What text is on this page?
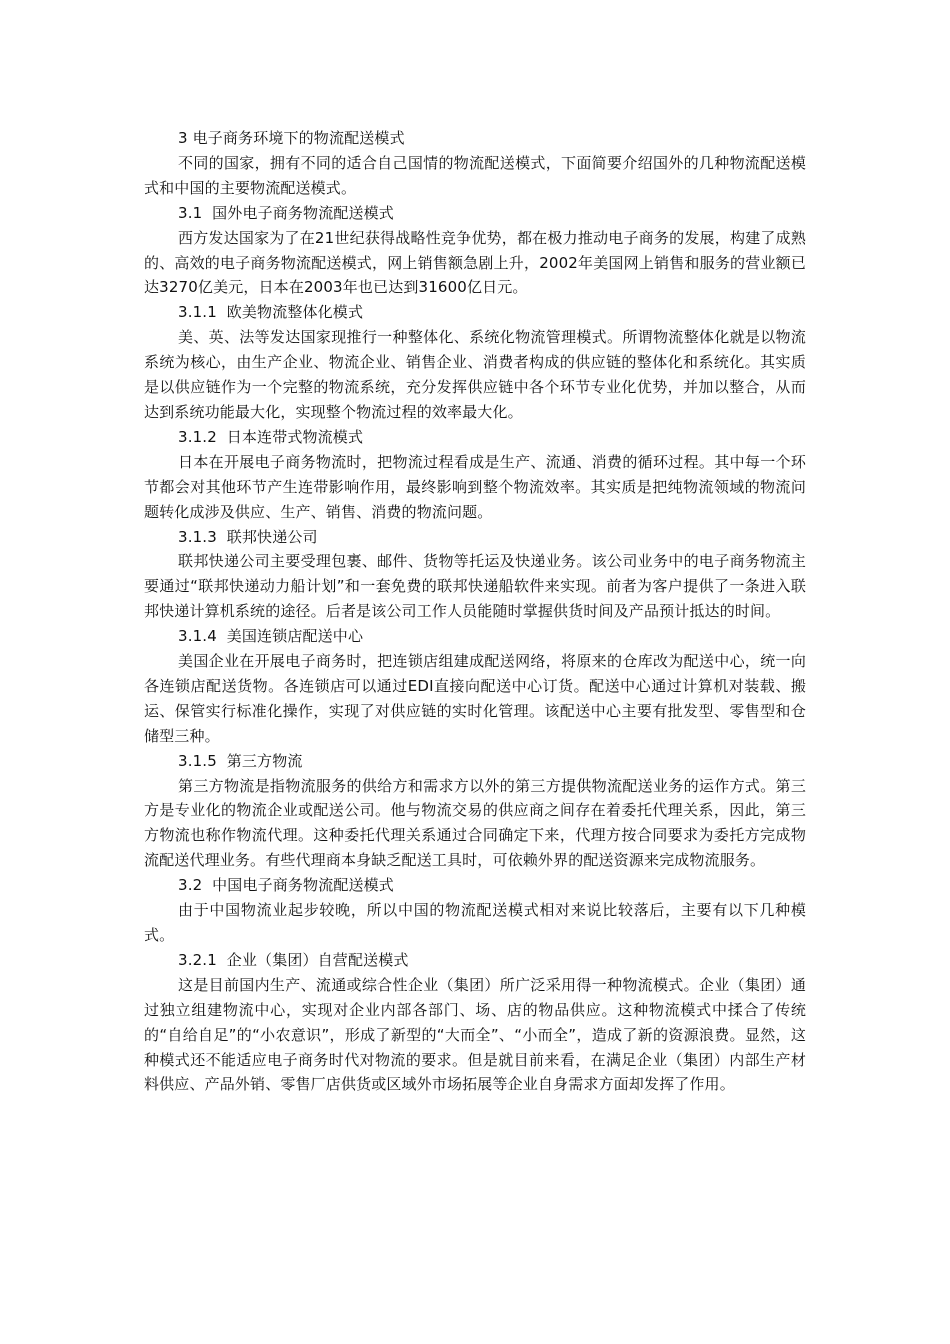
3 电子商务环境下的物流配送模式

不同的国家，拥有不同的适合自己国情的物流配送模式，下面简要介绍国外的几种物流配送模式和中国的主要物流配送模式。

3.1  国外电子商务物流配送模式

西方发达国家为了在21世纪获得战略性竞争优势，都在极力推动电子商务的发展，构建了成熟的、高效的电子商务物流配送模式，网上销售额急剧上升，2002年美国网上销售和服务的营业额已达3270亿美元，日本在2003年也已达到31600亿日元。

3.1.1  欧美物流整体化模式

美、英、法等发达国家现推行一种整体化、系统化物流管理模式。所谓物流整体化就是以物流系统为核心，由生产企业、物流企业、销售企业、消费者构成的供应链的整体化和系统化。其实质是以供应链作为一个完整的物流系统，充分发挥供应链中各个环节专业化优势，并加以整合，从而达到系统功能最大化，实现整个物流过程的效率最大化。

3.1.2  日本连带式物流模式

日本在开展电子商务物流时，把物流过程看成是生产、流通、消费的循环过程。其中每一个环节都会对其他环节产生连带影响作用，最终影响到整个物流效率。其实质是把纯物流领域的物流问题转化成涉及供应、生产、销售、消费的物流问题。

3.1.3  联邦快递公司

联邦快递公司主要受理包裹、邮件、货物等托运及快递业务。该公司业务中的电子商务物流主要通过“联邦快递动力船计划”和一套免费的联邦快递船软件来实现。前者为客户提供了一条进入联邦快递计算机系统的途径。后者是该公司工作人员能随时掌握供货时间及产品预计抵达的时间。

3.1.4  美国连锁店配送中心

美国企业在开展电子商务时，把连锁店组建成配送网络，将原来的仓库改为配送中心，统一向各连锁店配送货物。各连锁店可以通过EDI直接向配送中心订货。配送中心通过计算机对装载、搬运、保管实行标准化操作，实现了对供应链的实时化管理。该配送中心主要有批发型、零售型和仓储型三种。

3.1.5  第三方物流

第三方物流是指物流服务的供给方和需求方以外的第三方提供物流配送业务的运作方式。第三方是专业化的物流企业或配送公司。他与物流交易的供应商之间存在着委托代理关系，因此，第三方物流也称作物流代理。这种委托代理关系通过合同确定下来，代理方按合同要求为委托方完成物流配送代理业务。有些代理商本身缺乏配送工具时，可依赖外界的配送资源来完成物流服务。

3.2  中国电子商务物流配送模式

由于中国物流业起步较晚，所以中国的物流配送模式相对来说比较落后，主要有以下几种模式。

3.2.1  企业（集团）自营配送模式

这是目前国内生产、流通或综合性企业（集团）所广泛采用得一种物流模式。企业（集团）通过独立组建物流中心，实现对企业内部各部门、场、店的物品供应。这种物流模式中揉合了传统的“自给自足”的“小农意识”，形成了新型的“大而全”、“小而全”，造成了新的资源浪费。显然，这种模式还不能适应电子商务时代对物流的要求。但是就目前来看，在满足企业（集团）内部生产材料供应、产品外销、零售厂店供货或区域外市场拓展等企业自身需求方面却发挥了作用。
